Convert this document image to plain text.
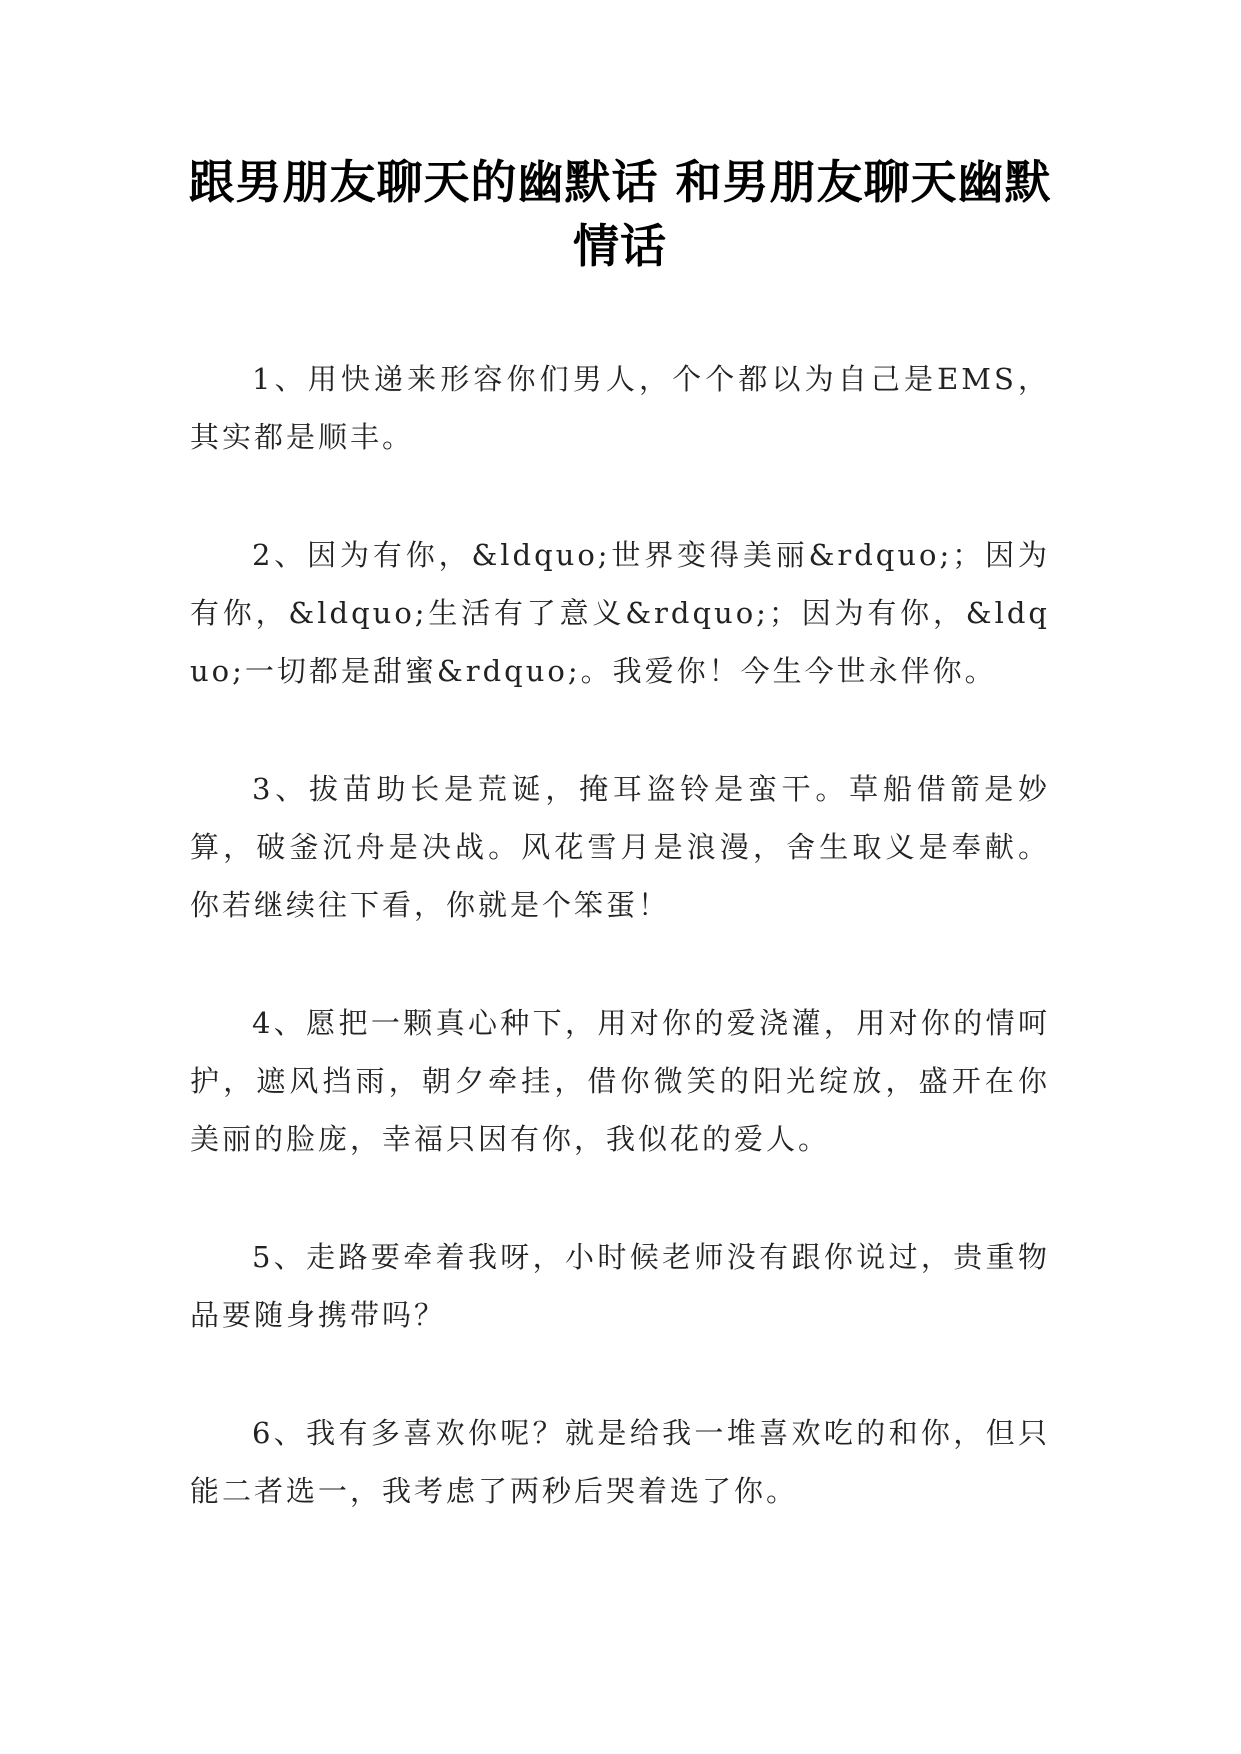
跟男朋友聊天的幽默话 和男朋友聊天幽默情话

1、用快递来形容你们男人，个个都以为自己是EMS，其实都是顺丰。

2、因为有你，&ldquo;世界变得美丽&rdquo;；因为有你，&ldquo;生活有了意义&rdquo;；因为有你，&ldquo;一切都是甜蜜&rdquo;。我爱你！今生今世永伴你。

3、拔苗助长是荒诞，掩耳盗铃是蛮干。草船借箭是妙算，破釜沉舟是决战。风花雪月是浪漫，舍生取义是奉献。你若继续往下看，你就是个笨蛋！

4、愿把一颗真心种下，用对你的爱浇灌，用对你的情呵护，遮风挡雨，朝夕牵挂，借你微笑的阳光绽放，盛开在你美丽的脸庞，幸福只因有你，我似花的爱人。

5、走路要牵着我呀，小时候老师没有跟你说过，贵重物品要随身携带吗？

6、我有多喜欢你呢？就是给我一堆喜欢吃的和你，但只能二者选一，我考虑了两秒后哭着选了你。
